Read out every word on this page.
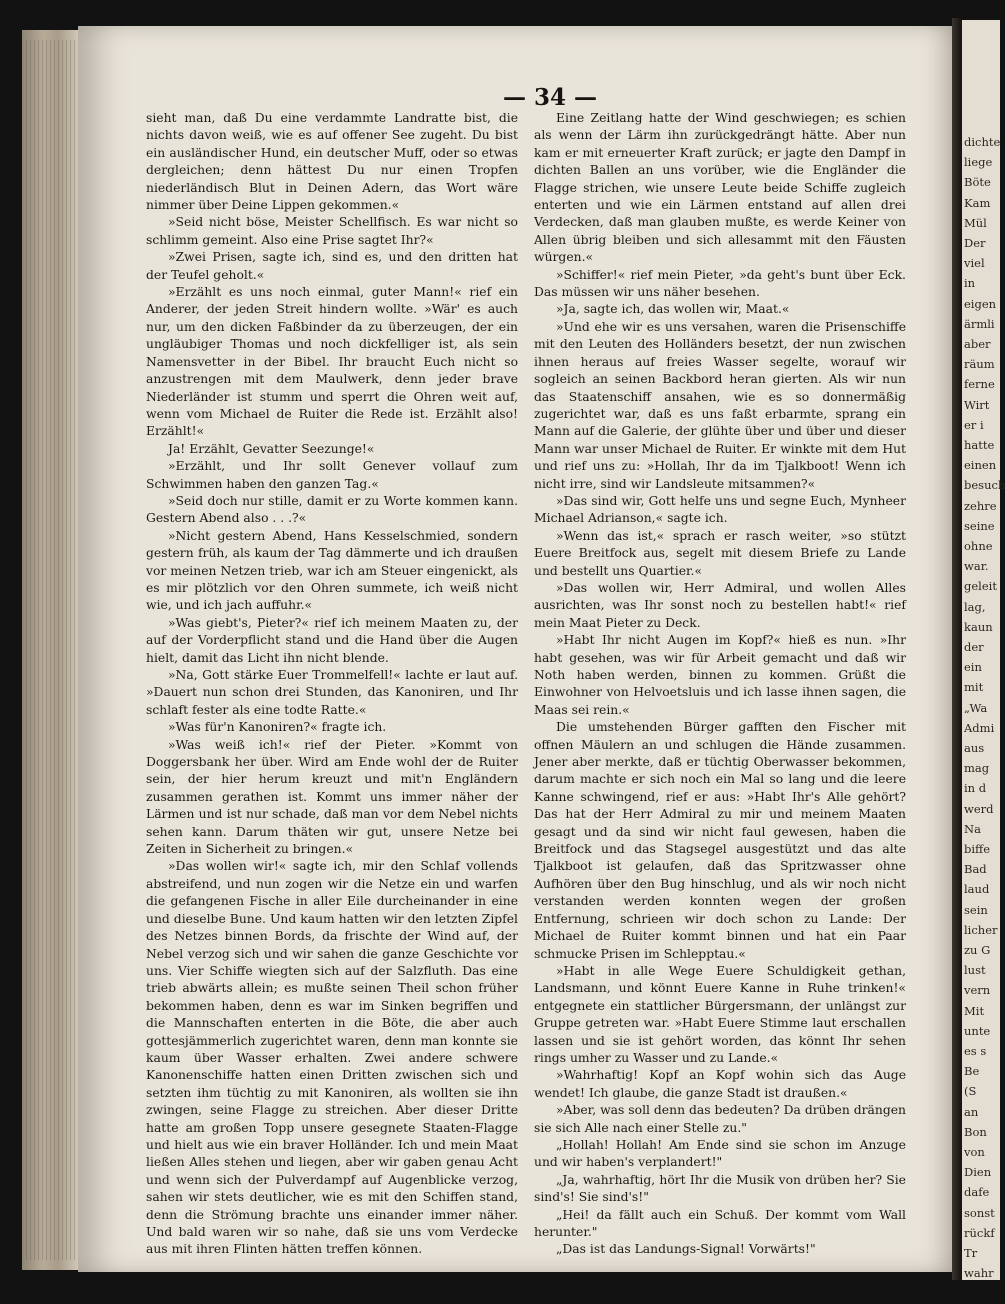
— 34 —

sieht man, daß Du eine verdammte Landratte bist, die nichts davon weiß, wie es auf offener See zugeht. Du bist ein ausländischer Hund, ein deutscher Muff, oder so etwas dergleichen; denn hättest Du nur einen Tropfen niederländisch Blut in Deinen Adern, das Wort wäre nimmer über Deine Lippen gekommen.«

»Seid nicht böse, Meister Schellfisch. Es war nicht so schlimm gemeint. Also eine Prise sagtet Ihr?«

»Zwei Prisen, sagte ich, sind es, und den dritten hat der Teufel geholt.«

»Erzählt es uns noch einmal, guter Mann!« rief ein Anderer, der jeden Streit hindern wollte. »Wär' es auch nur, um den dicken Faßbinder da zu überzeugen, der ein ungläubiger Thomas und noch dickfelliger ist, als sein Namensvetter in der Bibel. Ihr braucht Euch nicht so anzustrengen mit dem Maulwerk, denn jeder brave Niederländer ist stumm und sperrt die Ohren weit auf, wenn vom Michael de Ruiter die Rede ist. Erzählt also! Erzählt!«

Ja! Erzählt, Gevatter Seezunge!«

»Erzählt, und Ihr sollt Genever vollauf zum Schwimmen haben den ganzen Tag.«

»Seid doch nur stille, damit er zu Worte kommen kann. Gestern Abend also . . .?«

»Nicht gestern Abend, Hans Kesselschmied, sondern gestern früh, als kaum der Tag dämmerte und ich draußen vor meinen Netzen trieb, war ich am Steuer eingenickt, als es mir plötzlich vor den Ohren summete, ich weiß nicht wie, und ich jach auffuhr.«

»Was giebt's, Pieter?« rief ich meinem Maaten zu, der auf der Vorderpflicht stand und die Hand über die Augen hielt, damit das Licht ihn nicht blende.

»Na, Gott stärke Euer Trommelfell!« lachte er laut auf. »Dauert nun schon drei Stunden, das Kanoniren, und Ihr schlaft fester als eine todte Ratte.«

»Was für'n Kanoniren?« fragte ich.

»Was weiß ich!« rief der Pieter. »Kommt von Doggersbank her über. Wird am Ende wohl der de Ruiter sein, der hier herum kreuzt und mit'n Engländern zusammen gerathen ist. Kommt uns immer näher der Lärmen und ist nur schade, daß man vor dem Nebel nichts sehen kann. Darum thäten wir gut, unsere Netze bei Zeiten in Sicherheit zu bringen.«

»Das wollen wir!« sagte ich, mir den Schlaf vollends abstreifend, und nun zogen wir die Netze ein und warfen die gefangenen Fische in aller Eile durcheinander in eine und dieselbe Bune. Und kaum hatten wir den letzten Zipfel des Netzes binnen Bords, da frischte der Wind auf, der Nebel verzog sich und wir sahen die ganze Geschichte vor uns. Vier Schiffe wiegten sich auf der Salzfluth. Das eine trieb abwärts allein; es mußte seinen Theil schon früher bekommen haben, denn es war im Sinken begriffen und die Mannschaften enterten in die Böte, die aber auch gottesjämmerlich zugerichtet waren, denn man konnte sie kaum über Wasser erhalten. Zwei andere schwere Kanonenschiffe hatten einen Dritten zwischen sich und setzten ihm tüchtig zu mit Kanoniren, als wollten sie ihn zwingen, seine Flagge zu streichen. Aber dieser Dritte hatte am großen Topp unsere gesegnete Staaten-Flagge und hielt aus wie ein braver Holländer. Ich und mein Maat ließen Alles stehen und liegen, aber wir gaben genau Acht und wenn sich der Pulverdampf auf Augenblicke verzog, sahen wir stets deutlicher, wie es mit den Schiffen stand, denn die Strömung brachte uns einander immer näher. Und bald waren wir so nahe, daß sie uns vom Verdecke aus mit ihren Flinten hätten treffen können.

Eine Zeitlang hatte der Wind geschwiegen; es schien als wenn der Lärm ihn zurückgedrängt hätte. Aber nun kam er mit erneuerter Kraft zurück; er jagte den Dampf in dichten Ballen an uns vorüber, wie die Engländer die Flagge strichen, wie unsere Leute beide Schiffe zugleich enterten und wie ein Lärmen entstand auf allen drei Verdecken, daß man glauben mußte, es werde Keiner von Allen übrig bleiben und sich allesammt mit den Fäusten würgen.«

»Schiffer!« rief mein Pieter, »da geht's bunt über Eck. Das müssen wir uns näher besehen.

»Ja, sagte ich, das wollen wir, Maat.«

»Und ehe wir es uns versahen, waren die Prisenschiffe mit den Leuten des Holländers besetzt, der nun zwischen ihnen heraus auf freies Wasser segelte, worauf wir sogleich an seinen Backbord heran gierten. Als wir nun das Staatenschiff ansahen, wie es so donnermäßig zugerichtet war, daß es uns faßt erbarmte, sprang ein Mann auf die Galerie, der glühte über und über und dieser Mann war unser Michael de Ruiter. Er winkte mit dem Hut und rief uns zu: »Hollah, Ihr da im Tjalkboot! Wenn ich nicht irre, sind wir Landsleute mitsammen?«

»Das sind wir, Gott helfe uns und segne Euch, Mynheer Michael Adrianson,« sagte ich.

»Wenn das ist,« sprach er rasch weiter, »so stützt Euere Breitfock aus, segelt mit diesem Briefe zu Lande und bestellt uns Quartier.«

»Das wollen wir, Herr Admiral, und wollen Alles ausrichten, was Ihr sonst noch zu bestellen habt!« rief mein Maat Pieter zu Deck.

»Habt Ihr nicht Augen im Kopf?« hieß es nun. »Ihr habt gesehen, was wir für Arbeit gemacht und daß wir Noth haben werden, binnen zu kommen. Grüßt die Einwohner von Helvoetsluis und ich lasse ihnen sagen, die Maas sei rein.«

Die umstehenden Bürger gafften den Fischer mit offnen Mäulern an und schlugen die Hände zusammen. Jener aber merkte, daß er tüchtig Oberwasser bekommen, darum machte er sich noch ein Mal so lang und die leere Kanne schwingend, rief er aus: »Habt Ihr's Alle gehört? Das hat der Herr Admiral zu mir und meinem Maaten gesagt und da sind wir nicht faul gewesen, haben die Breitfock und das Stagsegel ausgestützt und das alte Tjalkboot ist gelaufen, daß das Spritzwasser ohne Aufhören über den Bug hinschlug, und als wir noch nicht verstanden werden konnten wegen der großen Entfernung, schrieen wir doch schon zu Lande: Der Michael de Ruiter kommt binnen und hat ein Paar schmucke Prisen im Schlepptau.«

»Habt in alle Wege Euere Schuldigkeit gethan, Landsmann, und könnt Euere Kanne in Ruhe trinken!« entgegnete ein stattlicher Bürgersmann, der unlängst zur Gruppe getreten war. »Habt Euere Stimme laut erschallen lassen und sie ist gehört worden, das könnt Ihr sehen rings umher zu Wasser und zu Lande.«

»Wahrhaftig! Kopf an Kopf wohin sich das Auge wendet! Ich glaube, die ganze Stadt ist draußen.«

»Aber, was soll denn das bedeuten? Da drüben drängen sie sich Alle nach einer Stelle zu."

„Hollah! Hollah! Am Ende sind sie schon im Anzuge und wir haben's verplandert!"

„Ja, wahrhaftig, hört Ihr die Musik von drüben her? Sie sind's! Sie sind's!"

„Hei! da fällt auch ein Schuß. Der kommt vom Wall herunter."

„Das ist das Landungs-Signal! Vorwärts!"

dichte
liege
Böte
Kam
Mül
Der
viel
in
eigen
ärmli
aber
räum
ferne
Wirt
er i
hatte
einen
besuch
zehre
seine
ohne
war.
geleit
lag,
kaun
der
ein
mit
„Wa
Admi
aus
mag
in d
werd
Na
biffe
Bad
laud
sein
licher
zu G
lust
vern
Mit
unte
es s
Be
(S
an
Bon
von
Dien
dafe
sonst
rückf
Tr
wahr
